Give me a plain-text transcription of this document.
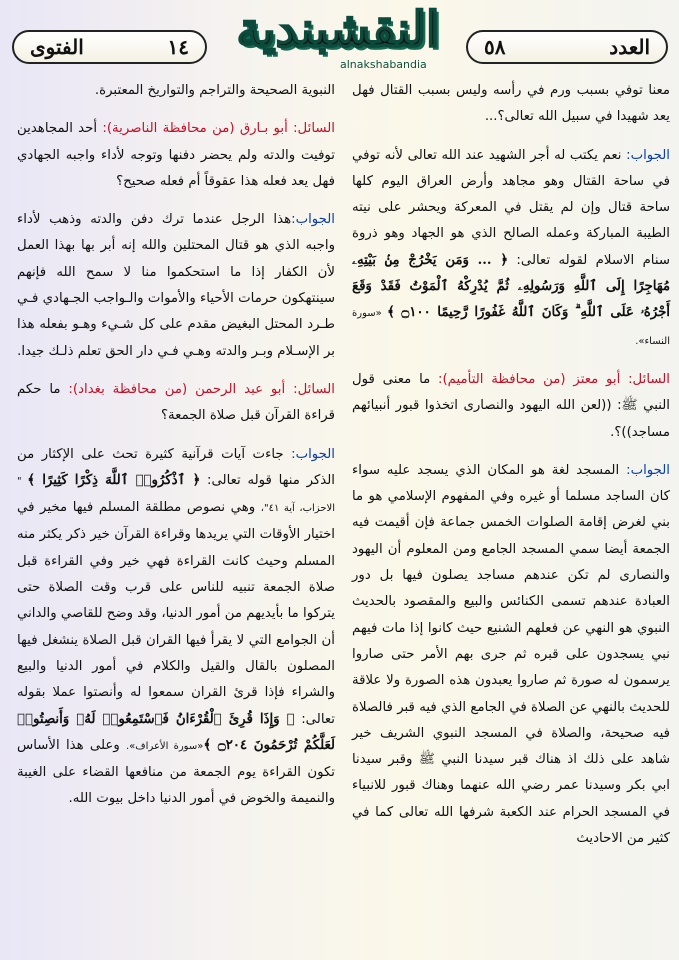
العدد
٥٨
النقشبندية
alnakshabandia
١٤
الفتوى

معنا توفي بسبب ورم في رأسه وليس بسبب القتال فهل يعد شهيدا في سبيل الله تعالى؟...

الجواب: نعم يكتب له أجر الشهيد عند الله تعالى لأنه توفي في ساحة القتال وهو مجاهد وأرض العراق اليوم كلها ساحة قتال وإن لم يقتل في المعركة ويحشر على نيته الطيبة المباركة وعمله الصالح الذي هو الجهاد وهو ذروة سنام الاسلام لقوله تعالى: ﴿ ... وَمَن يَخْرُجْ مِنۢ بَيْتِهِۦ مُهَاجِرًا إِلَى ٱللَّهِ وَرَسُولِهِۦ ثُمَّ يُدْرِكْهُ ٱلْمَوْتُ فَقَدْ وَقَعَ أَجْرُهُۥ عَلَى ٱللَّهِ ۗ وَكَانَ ٱللَّهُ غَفُورًا رَّحِيمًا ۝١٠٠ ﴾ «سورة النساء».

السائل: أبو معتز (من محافظة التأميم): ما معنى قول النبي ﷺ: ((لعن الله اليهود والنصارى اتخذوا قبور أنبيائهم مساجد))؟.

الجواب: المسجد لغة هو المكان الذي يسجد عليه سواء كان الساجد مسلما أو غيره وفي المفهوم الإسلامي هو ما بني لغرض إقامة الصلوات الخمس جماعة فإن أقيمت فيه الجمعة أيضا سمي المسجد الجامع ومن المعلوم أن اليهود والنصارى لم تكن عندهم مساجد يصلون فيها بل دور العبادة عندهم تسمى الكنائس والبيع والمقصود بالحديث النبوي هو النهي عن فعلهم الشنيع حيث كانوا إذا مات فيهم نبي يسجدون على قبره ثم جرى بهم الأمر حتى صاروا يرسمون له صورة ثم صاروا يعبدون هذه الصورة ولا علاقة للحديث بالنهي عن الصلاة في الجامع الذي فيه قبر فالصلاة فيه صحيحة، والصلاة في المسجد النبوي الشريف خير شاهد على ذلك اذ هناك قبر سيدنا النبي ﷺ وقبر سيدنا ابي بكر وسيدنا عمر رضي الله عنهما وهناك قبور للانبياء في المسجد الحرام عند الكعبة شرفها الله تعالى كما في كثير من الاحاديث

النبوية الصحيحة والتراجم والتواريخ المعتبرة.

السائل: أبو بـارق (من محافظة الناصرية): أحد المجاهدين توفيت والدته ولم يحضر دفنها وتوجه لأداء واجبه الجهادي فهل يعد فعله هذا عقوقاً أم فعله صحيح؟

الجواب:هذا الرجل عندما ترك دفن والدته وذهب لأداء واجبه الذي هو قتال المحتلين والله إنه أبر بها بهذا العمل لأن الكفار إذا ما استحكموا منا لا سمح الله فإنهم سينتهكون حرمات الأحياء والأموات والـواجب الجـهادي فـي طـرد المحتل البغيض مقدم على كل شـيء وهـو بفعله هذا بر الإسـلام وبـر والدته وهـي فـي دار الحق تعلم ذلـك جيدا.

السائل: أبو عبد الرحمن (من محافظة بغداد): ما حكم قراءة القرآن قبل صلاة الجمعة؟

الجواب: جاءت آيات قرآنية كثيرة تحث على الإكثار من الذكر منها قوله تعالى: ﴿ ٱذْكُرُوا۟ ٱللَّهَ ذِكْرًا كَثِيرًا ﴾ " الاحزاب، آية ٤١"، وهي نصوص مطلقة المسلم فيها مخير في اختيار الأوقات التي يريدها وقراءة القرآن خير ذكر يكثر منه المسلم وحيث كانت القراءة فهي خير وفي القراءة قبل صلاة الجمعة تنبيه للناس على قرب وقت الصلاة حتى يتركوا ما بأيديهم من أمور الدنيا، وقد وضح للقاصي والداني أن الجوامع التي لا يقرأ فيها القران قبل الصلاة ينشغل فيها المصلون بالقال والقيل والكلام في أمور الدنيا والبيع والشراء فإذا قرئ القران سمعوا له وأنصتوا عملا بقوله تعالى: ﴿ وَإِذَا قُرِئَ ٱلْقُرْءَانُ فَٱسْتَمِعُوا۟ لَهُۥ وَأَنصِتُوا۟ لَعَلَّكُمْ تُرْحَمُونَ ۝٢٠٤ ﴾«سورة الأعراف». وعلى هذا الأساس تكون القراءة يوم الجمعة من منافعها القضاء على الغيبة والنميمة والخوض في أمور الدنيا داخل بيوت الله.
